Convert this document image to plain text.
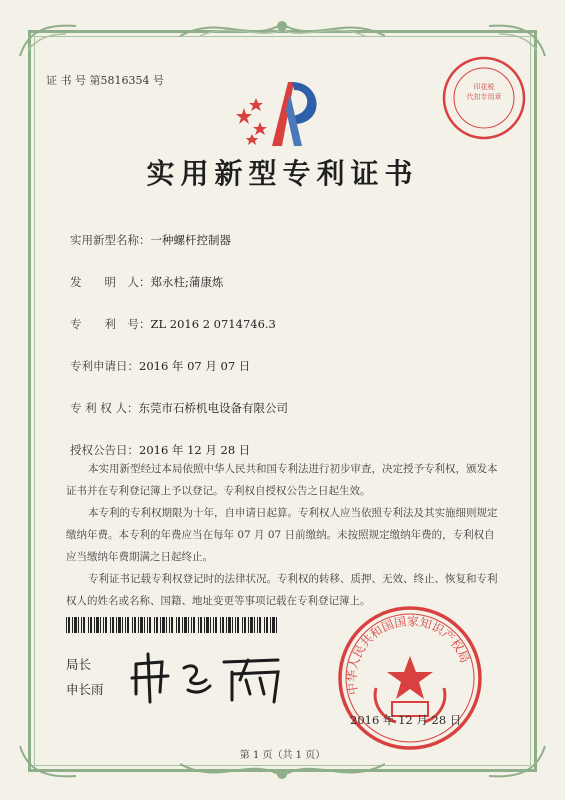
证 书 号 第5816354 号	印花税
代扣专用章
实用新型专利证书
实用新型名称：一种螺杆控制器
发　　明　人：郑永柱;蒲康炼
专　　利　号：ZL 2016 2 0714746.3
专利申请日：2016 年 07 月 07 日
专 利 权 人：东莞市石桥机电设备有限公司
授权公告日：2016 年 12 月 28 日

本实用新型经过本局依照中华人民共和国专利法进行初步审查，决定授予专利权，颁发本证书并在专利登记簿上予以登记。专利权自授权公告之日起生效。

本专利的专利权期限为十年，自申请日起算。专利权人应当依照专利法及其实施细则规定缴纳年费。本专利的年费应当在每年 07 月 07 日前缴纳。未按照规定缴纳年费的，专利权自应当缴纳年费期满之日起终止。

专利证书记载专利权登记时的法律状况。专利权的转移、质押、无效、终止、恢复和专利权人的姓名或名称、国籍、地址变更等事项记载在专利登记簿上。

局长
申长雨	中华人民共和国国家知识产权局
2016 年 12 月 28 日
第 1 页（共 1 页）
